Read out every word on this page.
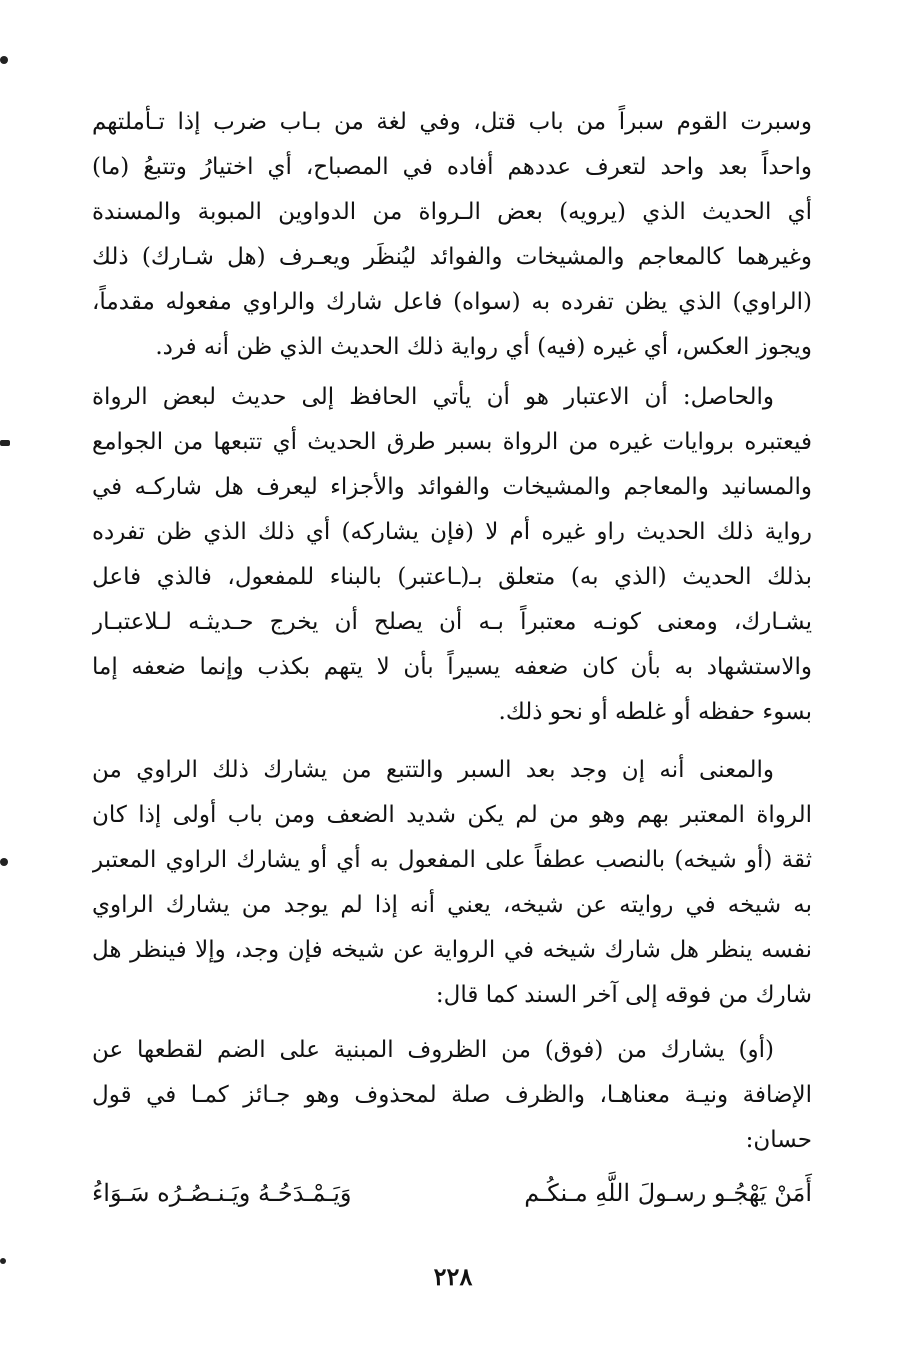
وسبرت القوم سبراً من باب قتل، وفي لغة من بـاب ضرب إذا تـأملتهم
واحداً بعد واحد لتعرف عددهم أفاده في المصباح، أي اختيارُ وتتبعُ (ما)
أي الحديث الذي (يرويه) بعض الـرواة من الدواوين المبوبة والمسندة
وغيرهما كالمعاجم والمشيخات والفوائد ليُنظَر ويعـرف (هل شـارك) ذلك
(الراوي) الذي يظن تفرده به (سواه) فاعل شارك والراوي مفعوله مقدماً،
ويجوز العكس، أي غيره (فيه) أي رواية ذلك الحديث الذي ظن أنه فرد.
والحاصل: أن الاعتبار هو أن يأتي الحافظ إلى حديث لبعض الرواة
فيعتبره بروايات غيره من الرواة بسبر طرق الحديث أي تتبعها من الجوامع
والمسانيد والمعاجم والمشيخات والفوائد والأجزاء ليعرف هل شاركـه في
رواية ذلك الحديث راو غيره أم لا (فإن يشاركه) أي ذلك الذي ظن تفرده
بذلك الحديث (الذي به) متعلق بـ(ـاعتبر) بالبناء للمفعول، فالذي فاعل
يشـارك، ومعنى كونـه معتبراً بـه أن يصلح أن يخرج حـديثـه لـلاعتبـار
والاستشهاد به بأن كان ضعفه يسيراً بأن لا يتهم بكذب وإنما ضعفه إما
بسوء حفظه أو غلطه أو نحو ذلك.
والمعنى أنه إن وجد بعد السبر والتتبع من يشارك ذلك الراوي من
الرواة المعتبر بهم وهو من لم يكن شديد الضعف ومن باب أولى إذا كان
ثقة (أو شيخه) بالنصب عطفاً على المفعول به أي أو يشارك الراوي المعتبر
به شيخه في روايته عن شيخه، يعني أنه إذا لم يوجد من يشارك الراوي
نفسه ينظر هل شارك شيخه في الرواية عن شيخه فإن وجد، وإلا فينظر هل
شارك من فوقه إلى آخر السند كما قال:
(أو) يشارك من (فوق) من الظروف المبنية على الضم لقطعها عن
الإضافة ونيـة معناهـا، والظرف صلة لمحذوف وهو جـائز كمـا في قول
حسان:
أَمَنْ يَهْجُـو رسـولَ اللَّهِ مـنكُـم
وَيَـمْـدَحُـهُ ويَـنـصُـرُه سَـوَاءُ
٢٢٨
